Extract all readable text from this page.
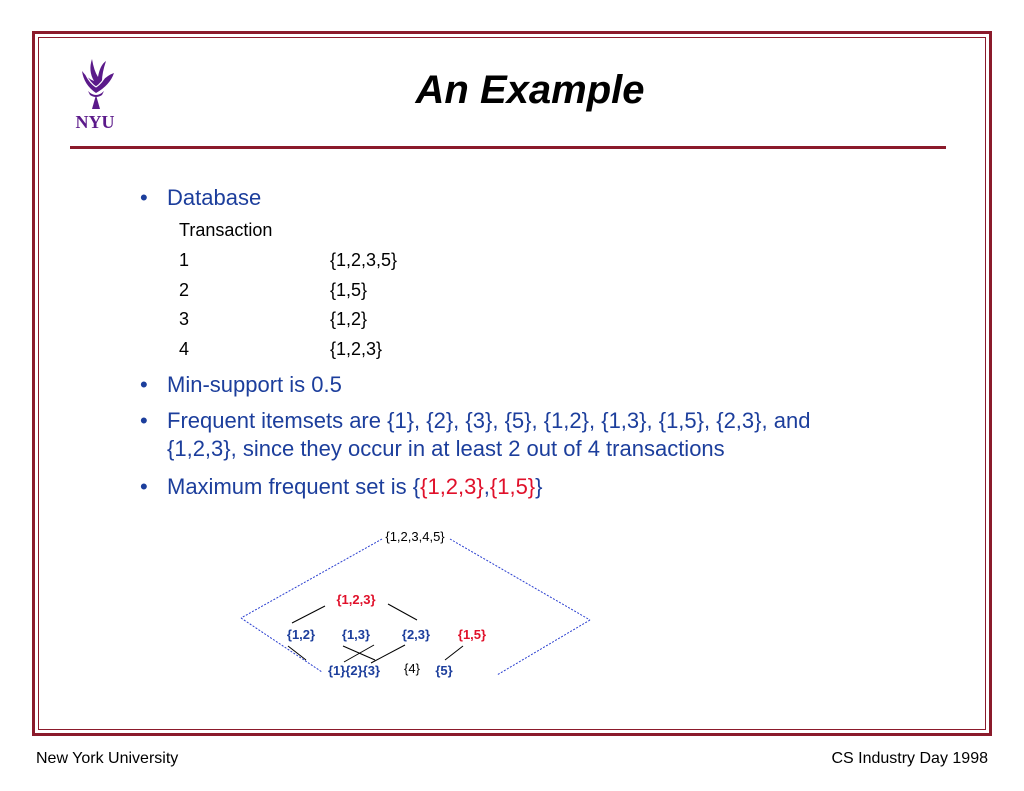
NYU
An Example
• Database
Transaction
1	{1,2,3,5}
2	{1,5}
3	{1,2}
4	{1,2,3}
• Min-support is 0.5
• Frequent itemsets are {1}, {2}, {3}, {5}, {1,2}, {1,3}, {1,5}, {2,3}, and
{1,2,3}, since they occur in at least 2 out of 4 transactions
• Maximum frequent set is {{1,2,3},{1,5}}
{1,2,3,4,5}
{1,2,3}
{1,2} {1,3} {2,3} {1,5}
{1}{2}{3} {4} {5}
New York University	CS Industry Day 1998
